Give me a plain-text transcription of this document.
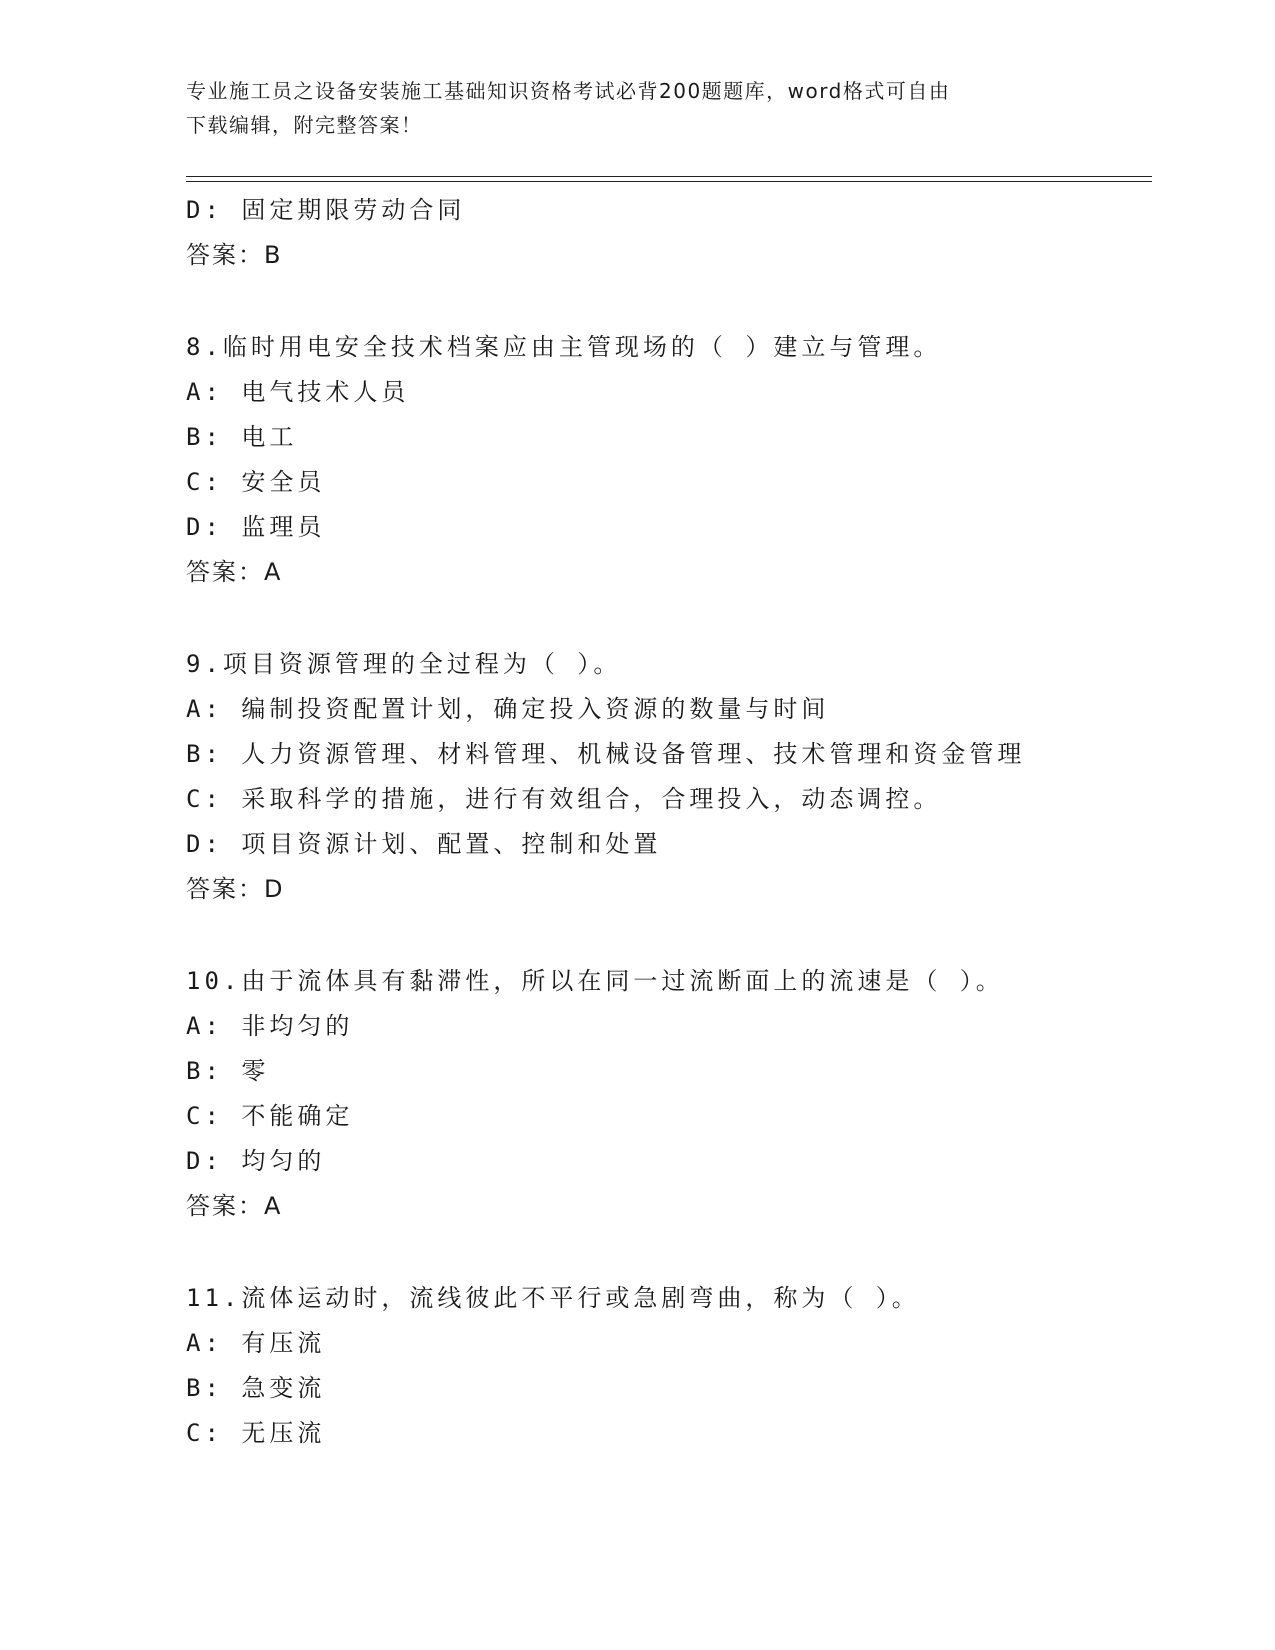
专业施工员之设备安装施工基础知识资格考试必背200题题库，word格式可自由
下载编辑，附完整答案！
D: 固定期限劳动合同
答案：B
8.临时用电安全技术档案应由主管现场的（ ）建立与管理。
A: 电气技术人员
B: 电工
C: 安全员
D: 监理员
答案：A
9.项目资源管理的全过程为（ ）。
A: 编制投资配置计划，确定投入资源的数量与时间
B: 人力资源管理、材料管理、机械设备管理、技术管理和资金管理
C: 采取科学的措施，进行有效组合，合理投入，动态调控。
D: 项目资源计划、配置、控制和处置
答案：D
10.由于流体具有黏滞性，所以在同一过流断面上的流速是（ ）。
A: 非均匀的
B: 零
C: 不能确定
D: 均匀的
答案：A
11.流体运动时，流线彼此不平行或急剧弯曲，称为（ ）。
A: 有压流
B: 急变流
C: 无压流
